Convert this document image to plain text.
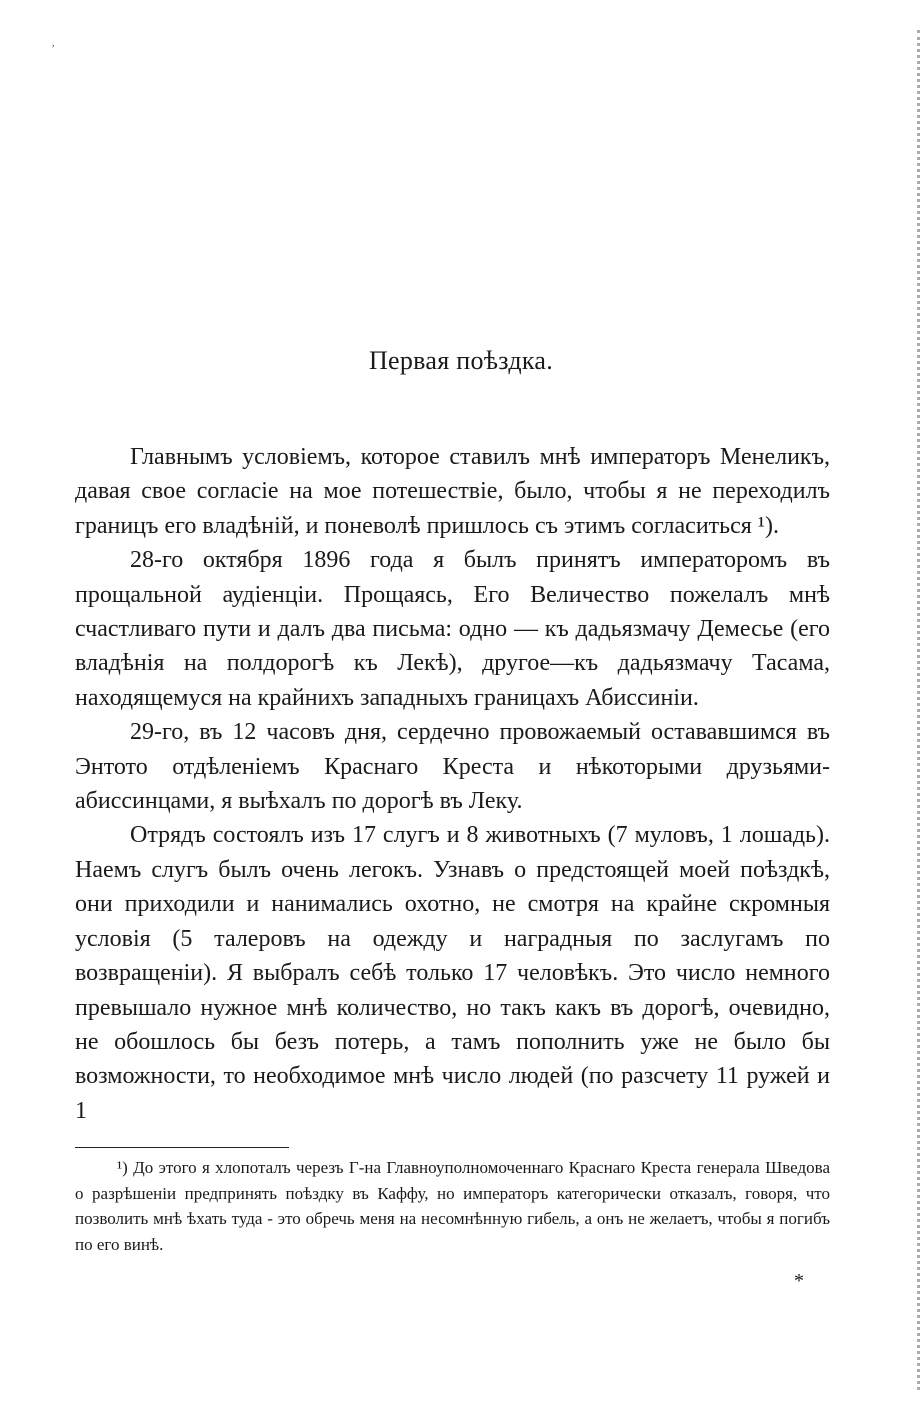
,
Первая поѣздка.

Главнымъ условіемъ, которое ставилъ мнѣ императоръ Менеликъ, давая свое согласіе на мое потешествіе, было, чтобы я не переходилъ границъ его владѣній, и поневолѣ пришлось съ этимъ согласиться ¹).

28-го октября 1896 года я былъ принятъ императоромъ въ прощальной аудіенціи. Прощаясь, Его Величество пожелалъ мнѣ счастливаго пути и далъ два письма: одно — къ дадьязмачу Демесье (его владѣнія на полдорогѣ къ Лекѣ), другое—къ дадьязмачу Тасама, находящемуся на крайнихъ западныхъ границахъ Абиссиніи.

29-го, въ 12 часовъ дня, сердечно провожаемый остававшимся въ Энтото отдѣленіемъ Краснаго Креста и нѣкоторыми друзьями-абиссинцами, я выѣхалъ по дорогѣ въ Леку.

Отрядъ состоялъ изъ 17 слугъ и 8 животныхъ (7 муловъ, 1 лошадь). Наемъ слугъ былъ очень легокъ. Узнавъ о предстоящей моей поѣздкѣ, они приходили и нанимались охотно, не смотря на крайне скромныя условія (5 талеровъ на одежду и наградныя по заслугамъ по возвращеніи). Я выбралъ себѣ только 17 человѣкъ. Это число немного превышало нужное мнѣ количество, но такъ какъ въ дорогѣ, очевидно, не обошлось бы безъ потерь, а тамъ пополнить уже не было бы возможности, то необходимое мнѣ число людей (по разсчету 11 ружей и 1

¹) До этого я хлопоталъ черезъ Г-на Главноуполномоченнаго Краснаго Креста генерала Шведова о разрѣшеніи предпринять поѣздку въ Каффу, но императоръ категорически отказалъ, говоря, что позволить мнѣ ѣхать туда - это обречь меня на несомнѣнную гибель, а онъ не желаетъ, чтобы я погибъ по его винѣ.

*
